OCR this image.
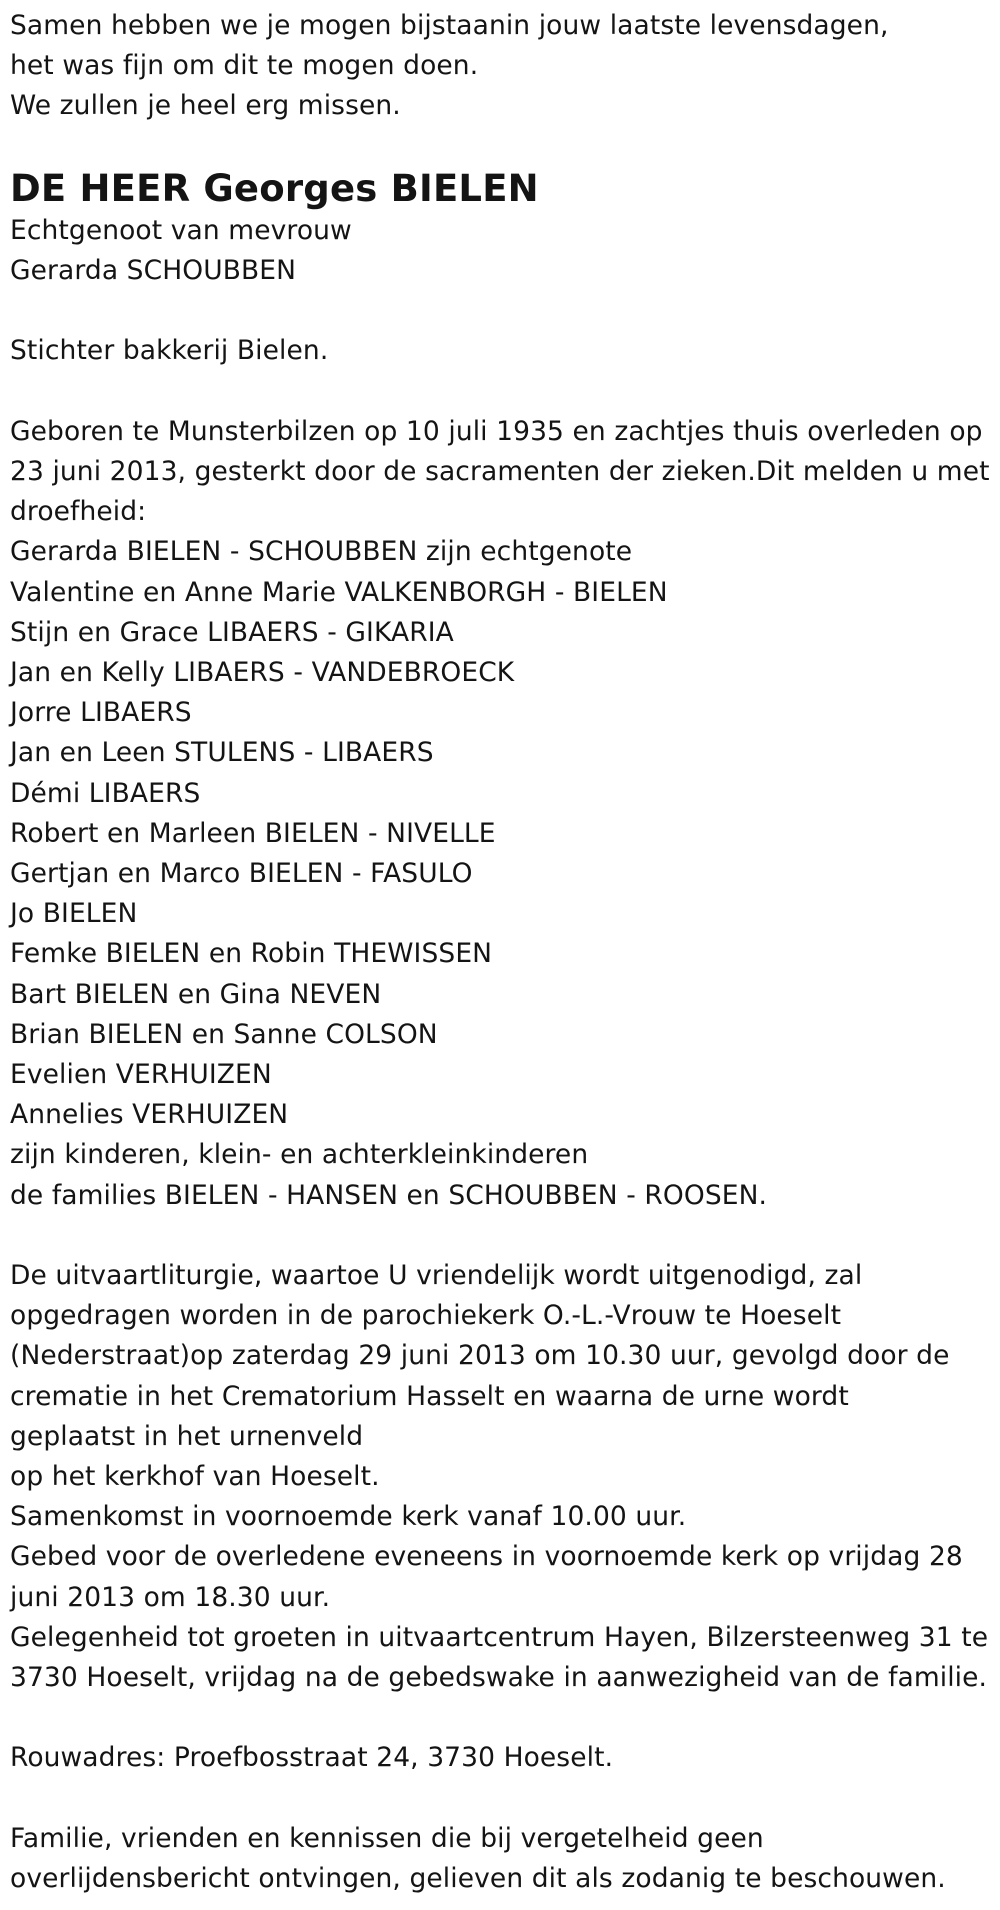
Samen hebben we je mogen bijstaanin jouw laatste levensdagen,
het was fijn om dit te mogen doen.
We zullen je heel erg missen.
DE HEER Georges BIELEN
Echtgenoot van mevrouw
Gerarda SCHOUBBEN
Stichter bakkerij Bielen.
Geboren te Munsterbilzen op 10 juli 1935 en zachtjes thuis overleden op
23 juni 2013, gesterkt door de sacramenten der zieken.Dit melden u met
droefheid:
Gerarda BIELEN - SCHOUBBEN zijn echtgenote
Valentine en Anne Marie VALKENBORGH - BIELEN
Stijn en Grace LIBAERS - GIKARIA
Jan en Kelly LIBAERS - VANDEBROECK
Jorre LIBAERS
Jan en Leen STULENS - LIBAERS
Démi LIBAERS
Robert en Marleen BIELEN - NIVELLE
Gertjan en Marco BIELEN - FASULO
Jo BIELEN
Femke BIELEN en Robin THEWISSEN
Bart BIELEN en Gina NEVEN
Brian BIELEN en Sanne COLSON
Evelien VERHUIZEN
Annelies VERHUIZEN
zijn kinderen, klein- en achterkleinkinderen
de families BIELEN - HANSEN en SCHOUBBEN - ROOSEN.
De uitvaartliturgie, waartoe U vriendelijk wordt uitgenodigd, zal
opgedragen worden in de parochiekerk O.-L.-Vrouw te Hoeselt
(Nederstraat)op zaterdag 29 juni 2013 om 10.30 uur, gevolgd door de
crematie in het Crematorium Hasselt en waarna de urne wordt
geplaatst in het urnenveld
op het kerkhof van Hoeselt.
Samenkomst in voornoemde kerk vanaf 10.00 uur.
Gebed voor de overledene eveneens in voornoemde kerk op vrijdag 28
juni 2013 om 18.30 uur.
Gelegenheid tot groeten in uitvaartcentrum Hayen, Bilzersteenweg 31 te
3730 Hoeselt, vrijdag na de gebedswake in aanwezigheid van de familie.
Rouwadres: Proefbosstraat 24, 3730 Hoeselt.
Familie, vrienden en kennissen die bij vergetelheid geen
overlijdensbericht ontvingen, gelieven dit als zodanig te beschouwen.
